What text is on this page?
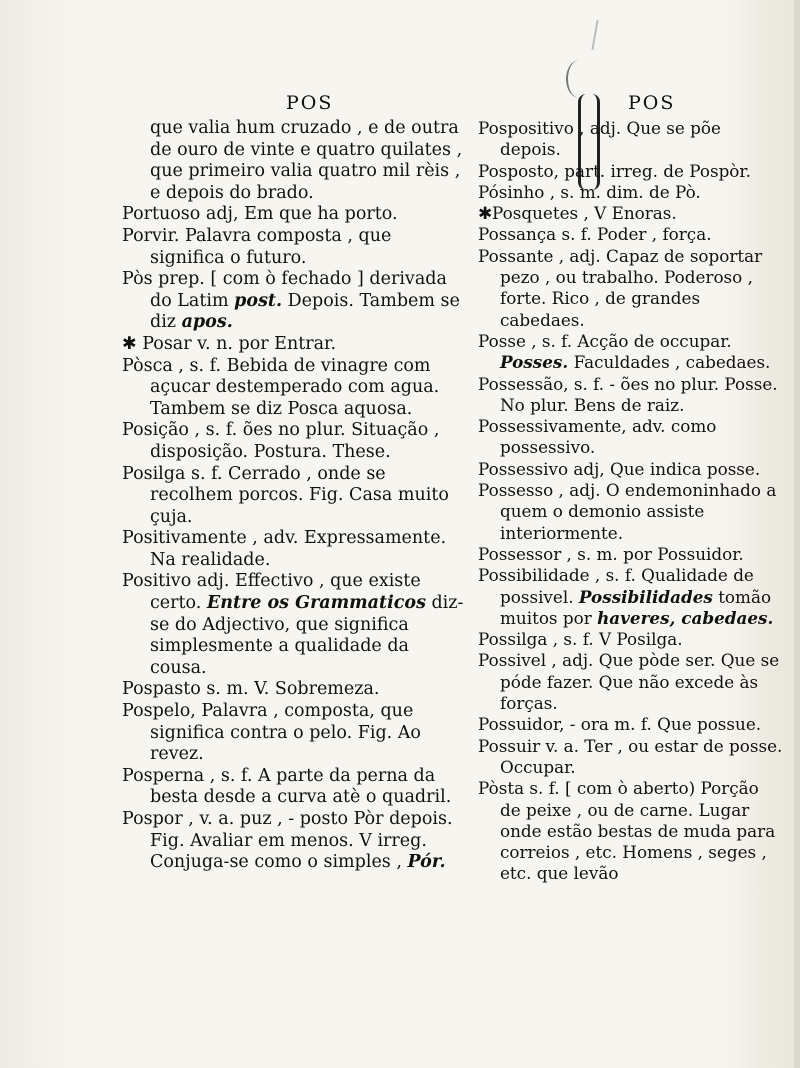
POS	POS

que valia hum cruzado , e de outra de ouro de vinte e quatro quilates , que primeiro valia quatro mil rèis , e depois do brado.

Portuoso adj, Em que ha porto.

Porvir. Palavra composta , que significa o futuro.

Pòs prep. [ com ò fechado ] derivada do Latim post. Depois. Tambem se diz apos.

✱ Posar v. n. por Entrar.

Pòsca , s. f. Bebida de vinagre com açucar destemperado com agua. Tambem se diz Posca aquosa.

Posição , s. f. ões no plur. Situação , disposição. Postura. These.

Posilga s. f. Cerrado , onde se recolhem porcos. Fig. Casa muito çuja.

Positivamente , adv. Expressamente. Na realidade.

Positivo adj. Effectivo , que existe certo. Entre os Grammaticos diz-se do Adjectivo, que significa simplesmente a qualidade da cousa.

Pospasto s. m. V. Sobremeza.

Pospelo, Palavra , composta, que significa contra o pelo. Fig. Ao revez.

Posperna , s. f. A parte da perna da besta desde a curva atè o quadril.

Pospor , v. a. puz , - posto Pòr depois. Fig. Avaliar em menos. V irreg. Conjuga-se como o simples , Pór.

Pospositivo , adj. Que se põe depois.

Posposto, part. irreg. de Pospòr.

Pósinho , s. m. dim. de Pò.

✱Posquetes , V Enoras.

Possança s. f. Poder , força.

Possante , adj. Capaz de soportar pezo , ou trabalho. Poderoso , forte. Rico , de grandes cabedaes.

Posse , s. f. Acção de occupar. Posses. Faculdades , cabedaes.

Possessão, s. f. - ões no plur. Posse. No plur. Bens de raiz.

Possessivamente, adv. como possessivo.

Possessivo adj, Que indica posse.

Possesso , adj. O endemoninhado a quem o demonio assiste interiormente.

Possessor , s. m. por Possuidor.

Possibilidade , s. f. Qualidade de possivel. Possibilidades tomão muitos por haveres, cabedaes.

Possilga , s. f. V Posilga.

Possivel , adj. Que pòde ser. Que se póde fazer. Que não excede às forças.

Possuidor, - ora m. f. Que possue.

Possuir v. a. Ter , ou estar de posse. Occupar.

Pòsta s. f. [ com ò aberto) Porção de peixe , ou de carne. Lugar onde estão bestas de muda para correios , etc. Homens , seges , etc. que levão
